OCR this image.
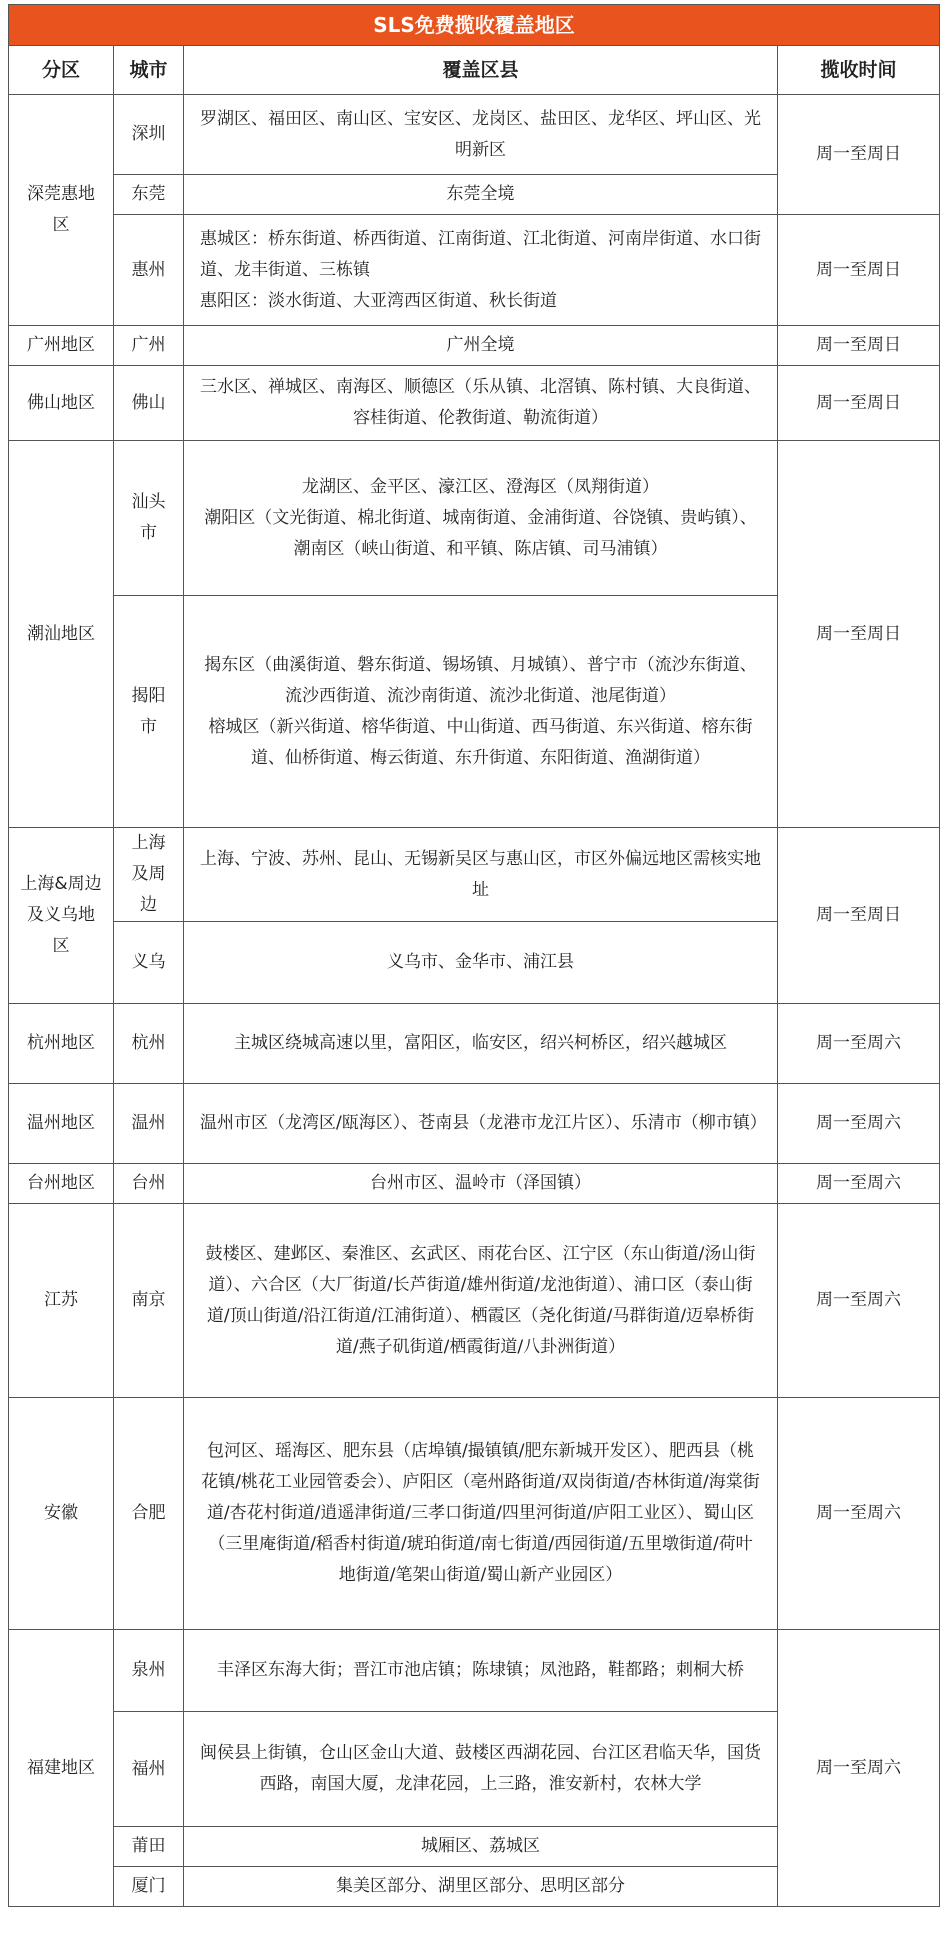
SLS免费揽收覆盖地区			
分区	城市	覆盖区县	揽收时间
深莞惠地区	深圳	罗湖区、福田区、南山区、宝安区、龙岗区、盐田区、龙华区、坪山区、光明新区	周一至周日
	东莞	东莞全境	

	惠州	惠城区：桥东街道、桥西街道、江南街道、江北街道、河南岸街道、水口街道、龙丰街道、三栋镇
惠阳区：淡水街道、大亚湾西区街道、秋长街道	周一至周日
广州地区	广州	广州全境	周一至周日
佛山地区	佛山	三水区、禅城区、南海区、顺德区（乐从镇、北滘镇、陈村镇、大良街道、容桂街道、伦教街道、勒流街道）	周一至周日
潮汕地区	汕头市	龙湖区、金平区、濠江区、澄海区（凤翔街道）
潮阳区（文光街道、棉北街道、城南街道、金浦街道、谷饶镇、贵屿镇）、潮南区（峡山街道、和平镇、陈店镇、司马浦镇）	周一至周日
	揭阳市	揭东区（曲溪街道、磐东街道、锡场镇、月城镇）、普宁市（流沙东街道、流沙西街道、流沙南街道、流沙北街道、池尾街道）
榕城区（新兴街道、榕华街道、中山街道、西马街道、东兴街道、榕东街道、仙桥街道、梅云街道、东升街道、东阳街道、渔湖街道）	

上海&周边及义乌地区	上海及周边	上海、宁波、苏州、昆山、无锡新吴区与惠山区，市区外偏远地区需核实地址	周一至周日
	义乌	义乌市、金华市、浦江县	

杭州地区	杭州	主城区绕城高速以里，富阳区，临安区，绍兴柯桥区，绍兴越城区	周一至周六
温州地区	温州	温州市区（龙湾区/瓯海区）、苍南县（龙港市龙江片区）、乐清市（柳市镇）	周一至周六
台州地区	台州	台州市区、温岭市（泽国镇）	周一至周六
江苏	南京	鼓楼区、建邺区、秦淮区、玄武区、雨花台区、江宁区（东山街道/汤山街道）、六合区（大厂街道/长芦街道/雄州街道/龙池街道）、浦口区（泰山街道/顶山街道/沿江街道/江浦街道）、栖霞区（尧化街道/马群街道/迈皋桥街道/燕子矶街道/栖霞街道/八卦洲街道）	周一至周六
安徽	合肥	包河区、瑶海区、肥东县（店埠镇/撮镇镇/肥东新城开发区）、肥西县（桃花镇/桃花工业园管委会）、庐阳区（亳州路街道/双岗街道/杏林街道/海棠街道/杏花村街道/逍遥津街道/三孝口街道/四里河街道/庐阳工业区）、蜀山区（三里庵街道/稻香村街道/琥珀街道/南七街道/西园街道/五里墩街道/荷叶地街道/笔架山街道/蜀山新产业园区）	周一至周六
福建地区	泉州	丰泽区东海大街；晋江市池店镇；陈埭镇；凤池路，鞋都路；刺桐大桥	周一至周六
	福州	闽侯县上街镇，仓山区金山大道、鼓楼区西湖花园、台江区君临天华，国货西路，南国大厦，龙津花园，上三路，淮安新村，农林大学	

	莆田	城厢区、荔城区	

	厦门	集美区部分、湖里区部分、思明区部分	
